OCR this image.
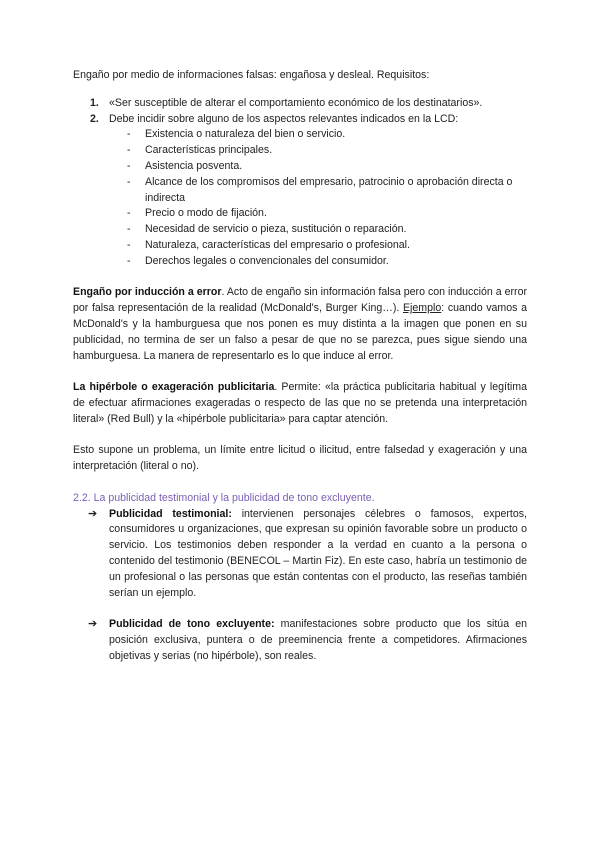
Engaño por medio de informaciones falsas: engañosa y desleal. Requisitos:

1. «Ser susceptible de alterar el comportamiento económico de los destinatarios».
2. Debe incidir sobre alguno de los aspectos relevantes indicados en la LCD:
- Existencia o naturaleza del bien o servicio.
- Características principales.
- Asistencia posventa.
- Alcance de los compromisos del empresario, patrocinio o aprobación directa o indirecta
- Precio o modo de fijación.
- Necesidad de servicio o pieza, sustitución o reparación.
- Naturaleza, características del empresario o profesional.
- Derechos legales o convencionales del consumidor.

Engaño por inducción a error. Acto de engaño sin información falsa pero con inducción a error por falsa representación de la realidad (McDonald's, Burger King…). Ejemplo: cuando vamos a McDonald's y la hamburguesa que nos ponen es muy distinta a la imagen que ponen en su publicidad, no termina de ser un falso a pesar de que no se parezca, pues sigue siendo una hamburguesa. La manera de representarlo es lo que induce al error.

La hipérbole o exageración publicitaria. Permite: «la práctica publicitaria habitual y legítima de efectuar afirmaciones exageradas o respecto de las que no se pretenda una interpretación literal» (Red Bull) y la «hipérbole publicitaria» para captar atención.

Esto supone un problema, un límite entre licitud o ilicitud, entre falsedad y exageración y una interpretación (literal o no).

2.2. La publicidad testimonial y la publicidad de tono excluyente.

➔ Publicidad testimonial: intervienen personajes célebres o famosos, expertos, consumidores u organizaciones, que expresan su opinión favorable sobre un producto o servicio. Los testimonios deben responder a la verdad en cuanto a la persona o contenido del testimonio (BENECOL – Martin Fiz). En este caso, habría un testimonio de un profesional o las personas que están contentas con el producto, las reseñas también serían un ejemplo.
➔ Publicidad de tono excluyente: manifestaciones sobre producto que los sitúa en posición exclusiva, puntera o de preeminencia frente a competidores. Afirmaciones objetivas y serias (no hipérbole), son reales.
